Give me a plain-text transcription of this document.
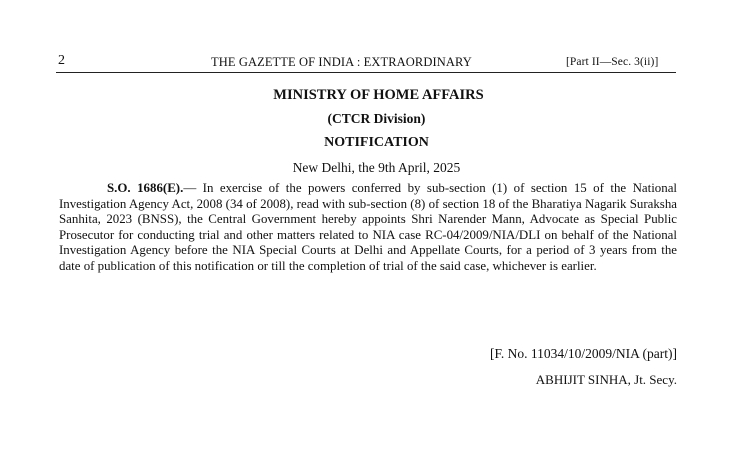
2	THE GAZETTE OF INDIA : EXTRAORDINARY	[Part II—Sec. 3(ii)]
MINISTRY OF HOME AFFAIRS
(CTCR Division)
NOTIFICATION
New Delhi, the 9th April, 2025

S.O. 1686(E).— In exercise of the powers conferred by sub-section (1) of section 15 of the National Investigation Agency Act, 2008 (34 of 2008), read with sub-section (8) of section 18 of the Bharatiya Nagarik Suraksha Sanhita, 2023 (BNSS), the Central Government hereby appoints Shri Narender Mann, Advocate as Special Public Prosecutor for conducting trial and other matters related to NIA case RC-04/2009/NIA/DLI on behalf of the National Investigation Agency before the NIA Special Courts at Delhi and Appellate Courts, for a period of 3 years from the date of publication of this notification or till the completion of trial of the said case, whichever is earlier.

[F. No. 11034/10/2009/NIA (part)]
ABHIJIT SINHA, Jt. Secy.
